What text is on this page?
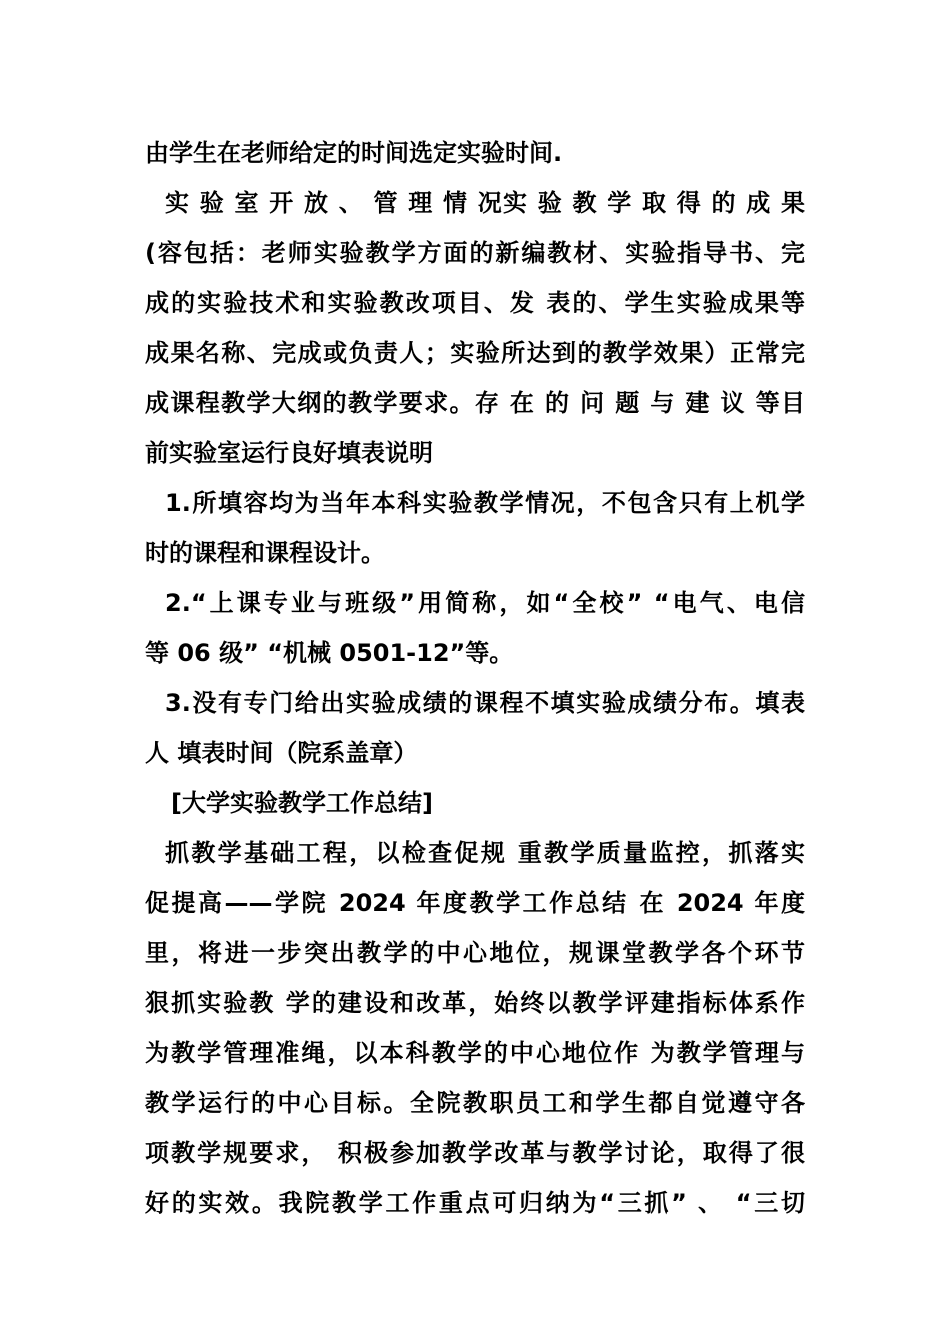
由学生在老师给定的时间选定实验时间.
实 验 室 开 放 、 管 理 情 况实 验 教 学 取 得 的 成 果
(容包括：老师实验教学方面的新编教材、实验指导书、完
成的实验技术和实验教改项目、发 表的、学生实验成果等
成果名称、完成或负责人；实验所达到的教学效果）正常完
成课程教学大纲的教学要求。存 在 的 问 题 与 建 议 等目
前实验室运行良好填表说明
1.所填容均为当年本科实验教学情况，不包含只有上机学
时的课程和课程设计。
2.“上课专业与班级”用简称，如“全校” “电气、电信
等 06 级” “机械 0501-12”等。
3.没有专门给出实验成绩的课程不填实验成绩分布。填表
人 填表时间（院系盖章）
[大学实验教学工作总结]
抓教学基础工程，以检查促规 重教学质量监控，抓落实
促提高——学院 2024 年度教学工作总结 在 2024 年度
里，将进一步突出教学的中心地位，规课堂教学各个环节
狠抓实验教 学的建设和改革，始终以教学评建指标体系作
为教学管理准绳，以本科教学的中心地位作 为教学管理与
教学运行的中心目标。全院教职员工和学生都自觉遵守各
项教学规要求， 积极参加教学改革与教学讨论，取得了很
好的实效。我院教学工作重点可归纳为“三抓” 、 “三切
